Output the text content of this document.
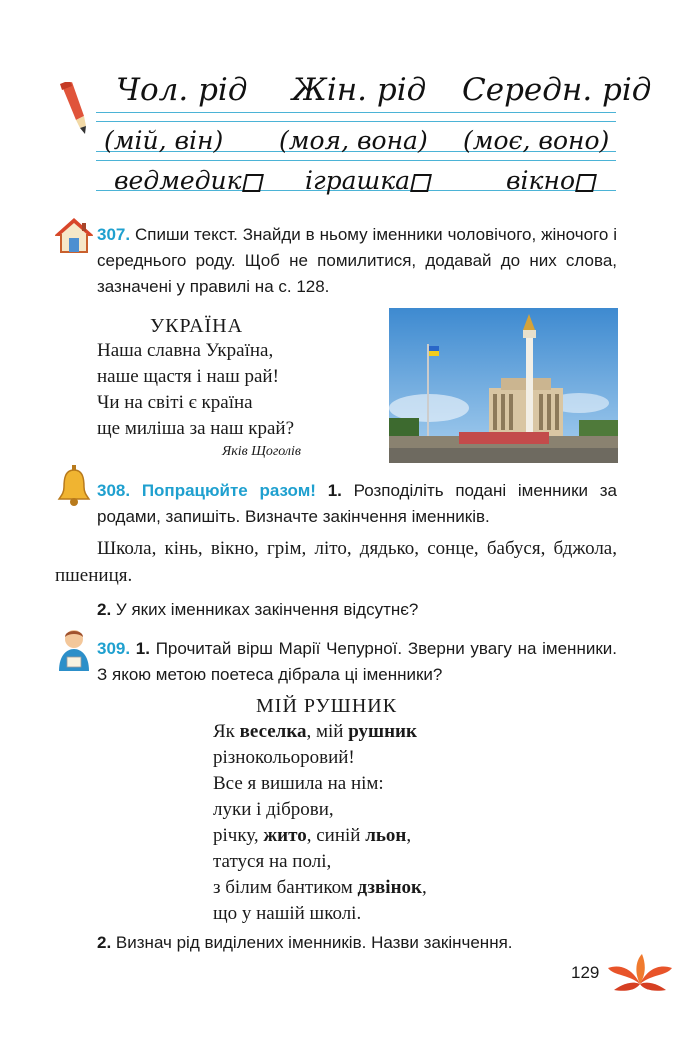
Чол. рід Жін. рід Середн. рід
(мій, він) (моя, вона) (моє, воно)
ведмедик	іграшка	вікно
307. Спиши текст. Знайди в ньому іменники чоловічого, жіночого і середнього роду. Щоб не помилитися, додавай до них слова, зазначені у правилі на с. 128.
УКРАЇНА
Наша славна Україна,
наше щастя і наш рай!
Чи на світі є країна
ще миліша за наш край?
Яків Щоголів
308. Попрацюйте разом! 1. Розподіліть подані іменники за родами, запишіть. Визначте закінчення іменників.
Школа, кінь, вікно, грім, літо, дядько, сонце, бабуся, бджола, пшениця.
2. У яких іменниках закінчення відсутнє?
309. 1. Прочитай вірш Марії Чепурної. Зверни увагу на іменники. З якою метою поетеса дібрала ці іменники?
МІЙ РУШНИК
Як веселка, мій рушник
різнокольоровий!
Все я вишила на нім:
луки і діброви,
річку, жито, синій льон,
татуся на полі,
з білим бантиком дзвінок,
що у нашій школі.
2. Визнач рід виділених іменників. Назви закінчення.
129
